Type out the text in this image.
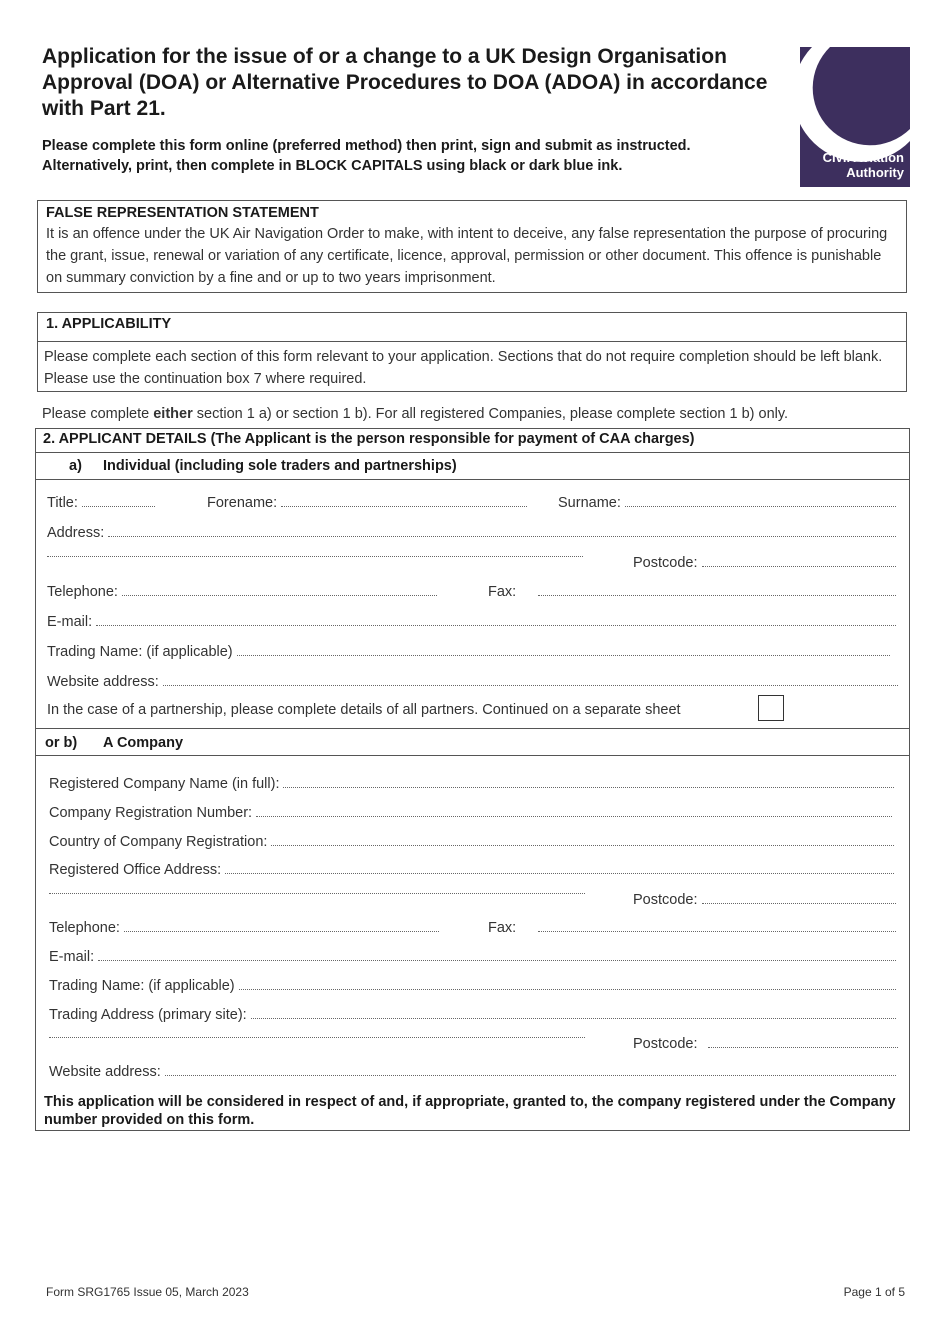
Application for the issue of or a change to a UK Design Organisation Approval (DOA) or Alternative Procedures to DOA (ADOA) in accordance with Part 21.
Please complete this form online (preferred method) then print, sign and submit as instructed.
Alternatively, print, then complete in BLOCK CAPITALS using black or dark blue ink.
Civil Aviation
Authority
FALSE REPRESENTATION STATEMENT
It is an offence under the UK Air Navigation Order to make, with intent to deceive, any false representation the purpose of procuring the grant, issue, renewal or variation of any certificate, licence, approval, permission or other document. This offence is punishable on summary conviction by a fine and or up to two years imprisonment.
1. APPLICABILITY
Please complete each section of this form relevant to your application. Sections that do not require completion should be left blank. Please use the continuation box 7 where required.
Please complete either section 1 a) or section 1 b). For all registered Companies, please complete section 1 b) only.
2. APPLICANT DETAILS (The Applicant is the person responsible for payment of CAA charges)
a) Individual (including sole traders and partnerships)
Title:	Forename:	Surname:
Address:
Postcode:
Telephone:	Fax:
E-mail:
Trading Name: (if applicable)
Website address:
In the case of a partnership, please complete details of all partners. Continued on a separate sheet
or b) A Company
Registered Company Name (in full):
Company Registration Number:
Country of Company Registration:
Registered Office Address:
Postcode:
Telephone:	Fax:
E-mail:
Trading Name: (if applicable)
Trading Address (primary site):
Postcode:
Website address:
This application will be considered in respect of and, if appropriate, granted to, the company registered under the Company number provided on this form.
Form SRG1765 Issue 05, March 2023	Page 1 of 5
